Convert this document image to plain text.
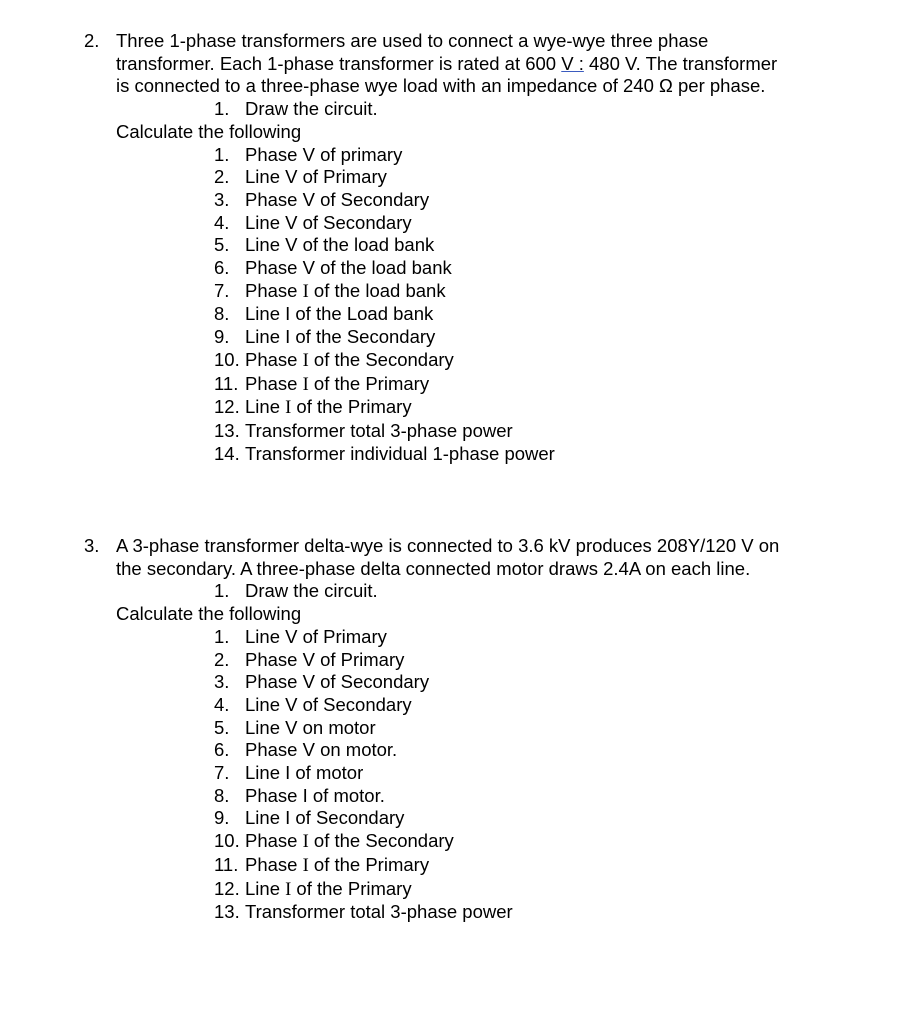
2. Three 1-phase transformers are used to connect a wye-wye three phase
transformer. Each 1-phase transformer is rated at 600 V : 480 V. The transformer
is connected to a three-phase wye load with an impedance of 240 Ω per phase.
1. Draw the circuit.
Calculate the following
1. Phase V of primary
2. Line V of Primary
3. Phase V of Secondary
4. Line V of Secondary
5. Line V of the load bank
6. Phase V of the load bank
7. Phase I of the load bank
8. Line I of the Load bank
9. Line I of the Secondary
10. Phase I of the Secondary
11. Phase I of the Primary
12. Line I of the Primary
13. Transformer total 3-phase power
14. Transformer individual 1-phase power
3. A 3-phase transformer delta-wye is connected to 3.6 kV produces 208Y/120 V on
the secondary. A three-phase delta connected motor draws 2.4A on each line.
1. Draw the circuit.
Calculate the following
1. Line V of Primary
2. Phase V of Primary
3. Phase V of Secondary
4. Line V of Secondary
5. Line V on motor
6. Phase V on motor.
7. Line I of motor
8. Phase I of motor.
9. Line I of Secondary
10. Phase I of the Secondary
11. Phase I of the Primary
12. Line I of the Primary
13. Transformer total 3-phase power
